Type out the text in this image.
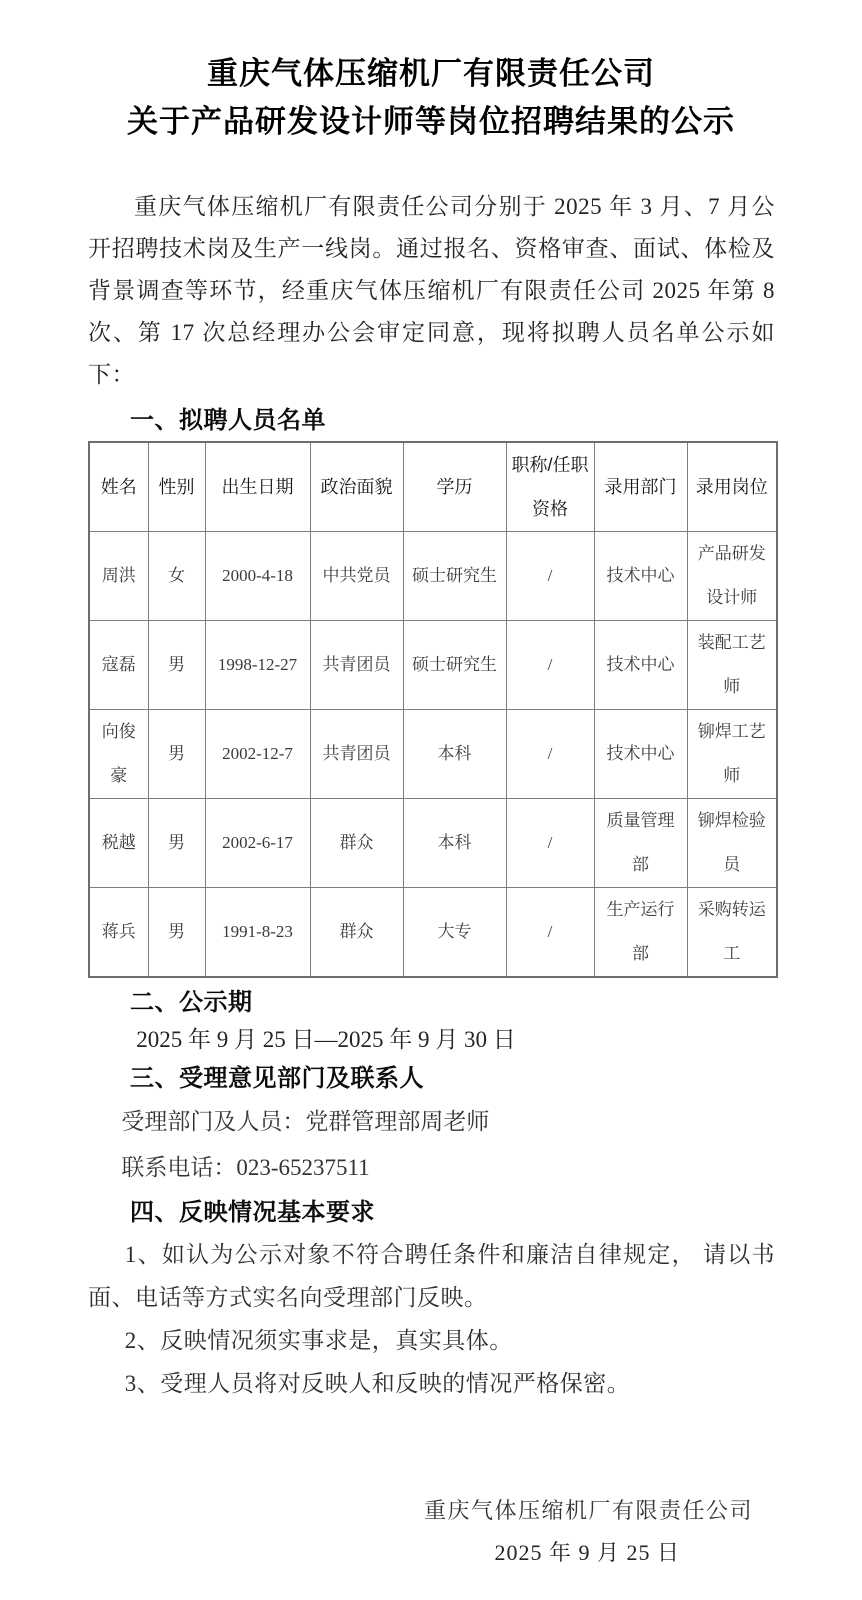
重庆气体压缩机厂有限责任公司
关于产品研发设计师等岗位招聘结果的公示

重庆气体压缩机厂有限责任公司分别于 2025 年 3 月、7 月公开招聘技术岗及生产一线岗。通过报名、资格审查、面试、体检及背景调查等环节，经重庆气体压缩机厂有限责任公司 2025 年第 8 次、第 17 次总经理办公会审定同意，现将拟聘人员名单公示如下：

一、拟聘人员名单
姓名	性别	出生日期	政治面貌	学历	职称/任职资格	录用部门	录用岗位
周洪	女	2000-4-18	中共党员	硕士研究生	/	技术中心	产品研发设计师
寇磊	男	1998-12-27	共青团员	硕士研究生	/	技术中心	装配工艺师
向俊豪	男	2002-12-7	共青团员	本科	/	技术中心	铆焊工艺师
税越	男	2002-6-17	群众	本科	/	质量管理部	铆焊检验员
蒋兵	男	1991-8-23	群众	大专	/	生产运行部	采购转运工
二、公示期

2025 年 9 月 25 日—2025 年 9 月 30 日

三、受理意见部门及联系人

受理部门及人员：党群管理部周老师

联系电话：023-65237511

四、反映情况基本要求

1、如认为公示对象不符合聘任条件和廉洁自律规定， 请以书面、电话等方式实名向受理部门反映。

2、反映情况须实事求是，真实具体。

3、受理人员将对反映人和反映的情况严格保密。

重庆气体压缩机厂有限责任公司
2025 年 9 月 25 日
